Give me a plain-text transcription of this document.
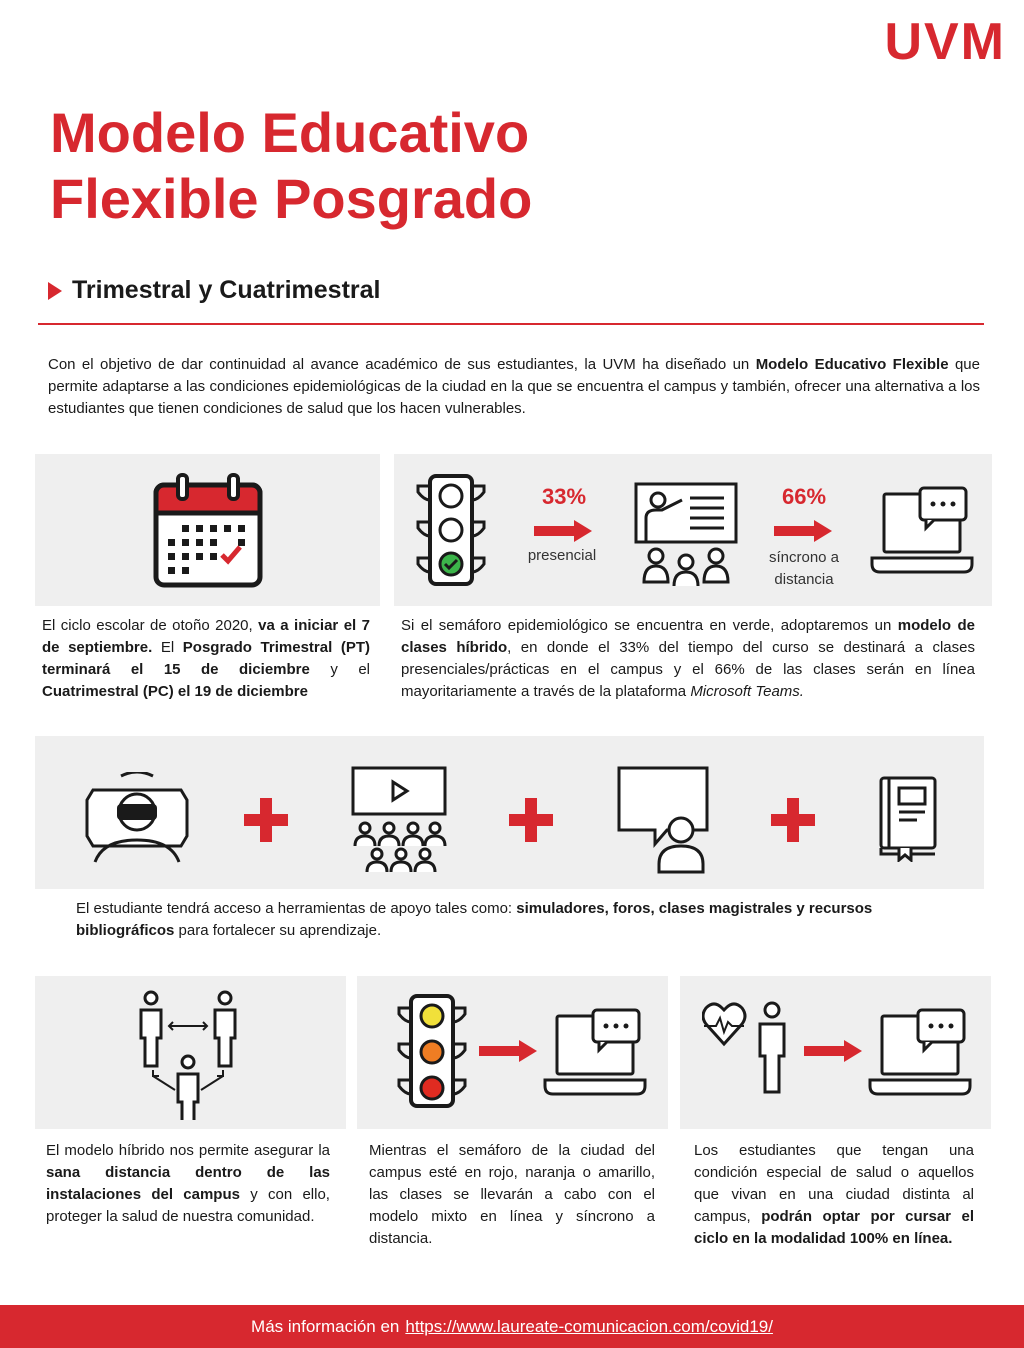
UVM
Modelo Educativo
Flexible Posgrado
Trimestral y Cuatrimestral
Con el objetivo de dar continuidad al avance académico de sus estudiantes, la UVM ha diseñado un Modelo Educativo Flexible que permite adaptarse a las condiciones epidemiológicas de la ciudad en la que se encuentra el campus y también, ofrecer una alternativa a los estudiantes que tienen condiciones de salud que los hacen vulnerables.
El ciclo escolar de otoño 2020, va a iniciar el 7 de septiembre. El Posgrado Trimestral (PT) terminará el 15 de diciembre y el Cuatrimestral (PC) el 19 de diciembre
33%
presencial
66%
síncrono a distancia
Si el semáforo epidemiológico se encuentra en verde, adoptaremos un modelo de clases híbrido, en donde el 33% del tiempo del curso se destinará a clases presenciales/prácticas en el campus y el 66% de las clases serán en línea mayoritariamente a través de la plataforma Microsoft Teams.
El estudiante tendrá acceso a herramientas de apoyo tales como: simuladores, foros, clases magistrales y recursos bibliográficos para fortalecer su aprendizaje.
El modelo híbrido nos permite asegurar la sana distancia dentro de las instalaciones del campus y con ello, proteger la salud de nuestra comunidad.
Mientras el semáforo de la ciudad del campus esté en rojo, naranja o amarillo, las clases se llevarán a cabo con el modelo mixto en línea y síncrono a distancia.
Los estudiantes que tengan una condición especial de salud o aquellos que vivan en una ciudad distinta al campus, podrán optar por cursar el ciclo en la modalidad 100% en línea.
Más información en https://www.laureate-comunicacion.com/covid19/
